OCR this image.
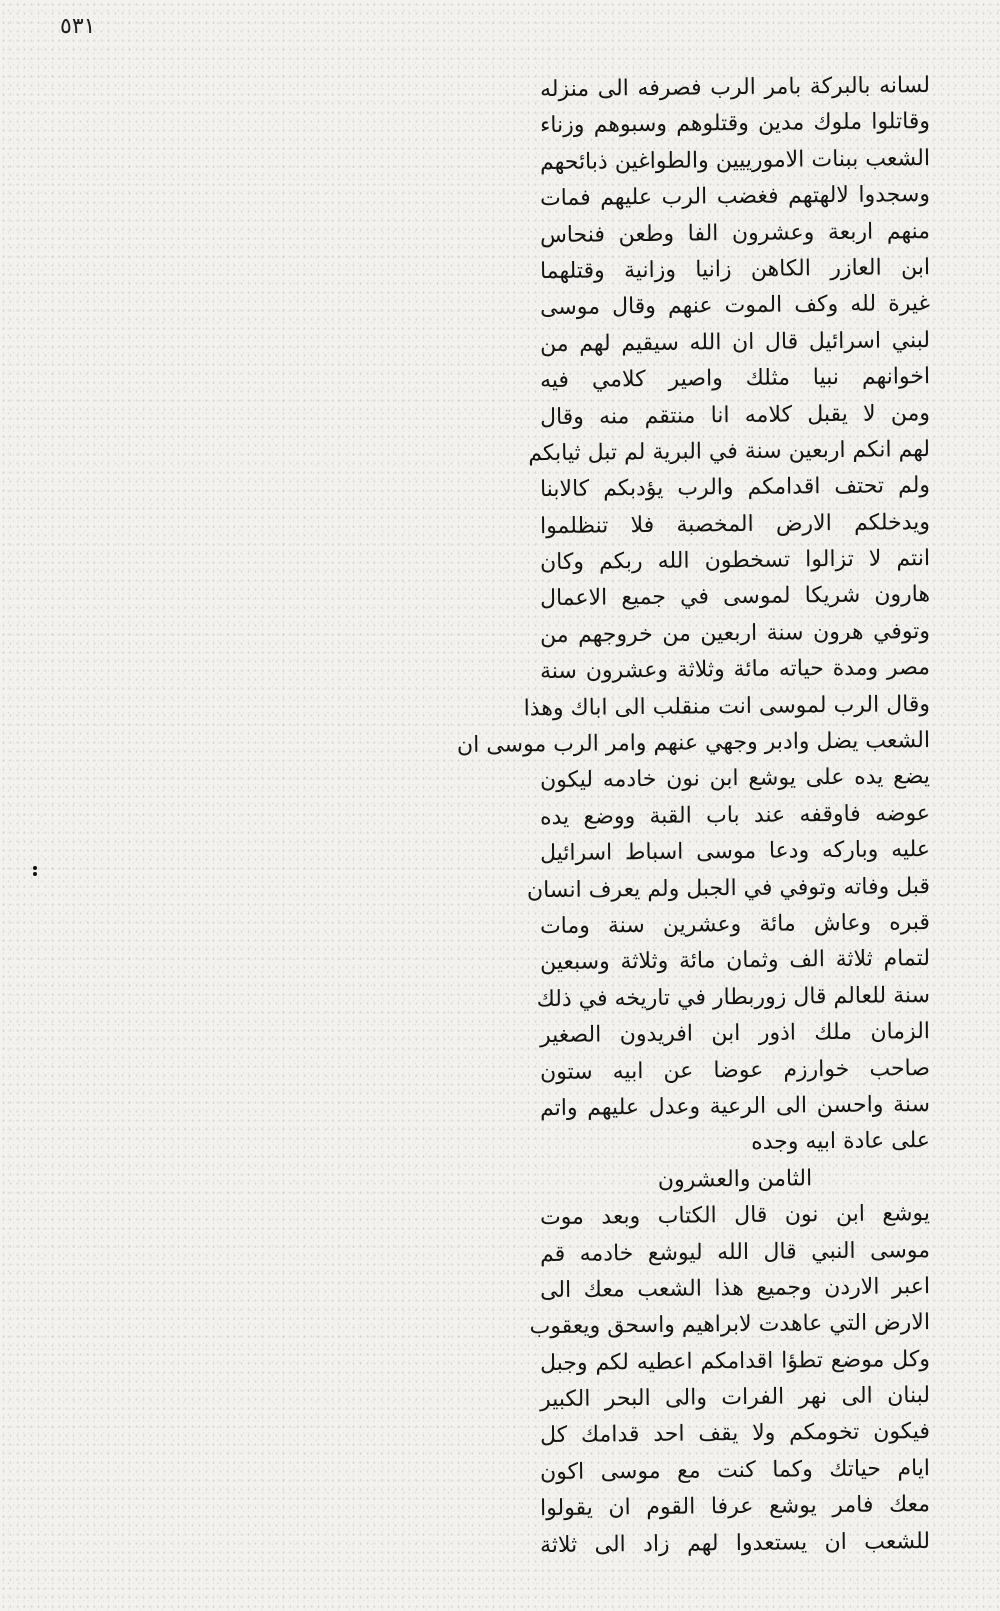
٥٣١
لسانه بالبركة بامر الرب فصرفه الى منزله
وقاتلوا ملوك مدين وقتلوهم وسبوهم وزناء
الشعب ببنات الامورييين والطواغين ذبائحهم
وسجدوا لالهتهم فغضب الرب عليهم فمات
منهم اربعة وعشرون الفا وطعن فنحاس
ابن العازر الكاهن زانيا وزانية وقتلهما
غيرة لله وكف الموت عنهم وقال موسى
لبني اسرائيل قال ان الله سيقيم لهم من
اخوانهم نبيا مثلك واصير كلامي فيه
ومن لا يقبل كلامه انا منتقم منه وقال
لهم انكم اربعين سنة في البرية لم تبل ثيابكم
ولم تحتف اقدامكم والرب يؤدبكم كالابنا
ويدخلكم الارض المخصبة فلا تنظلموا
انتم لا تزالوا تسخطون الله ربكم وكان
هارون شريكا لموسى في جميع الاعمال
وتوفي هرون سنة اربعين من خروجهم من
مصر ومدة حياته مائة وثلاثة وعشرون سنة
وقال الرب لموسى انت منقلب الى اباك وهذا
الشعب يضل وادبر وجهي عنهم وامر الرب موسى ان
يضع يده على يوشع ابن نون خادمه ليكون
عوضه فاوقفه عند باب القبة ووضع يده
عليه وباركه ودعا موسى اسباط اسرائيل
قبل وفاته وتوفي في الجبل ولم يعرف انسان
قبره وعاش مائة وعشرين سنة ومات
لتمام ثلاثة الف وثمان مائة وثلاثة وسبعين
سنة للعالم قال زوربطار في تاريخه في ذلك
الزمان ملك اذور ابن افريدون الصغير
صاحب خوارزم عوضا عن ابيه ستون
سنة واحسن الى الرعية وعدل عليهم واتم
على عادة ابيه وجده
الثامن والعشرون
يوشع ابن نون قال الكتاب وبعد موت
موسى النبي قال الله ليوشع خادمه قم
اعبر الاردن وجميع هذا الشعب معك الى
الارض التي عاهدت لابراهيم واسحق ويعقوب
وكل موضع تطؤا اقدامكم اعطيه لكم وجبل
لبنان الى نهر الفرات والى البحر الكبير
فيكون تخومكم ولا يقف احد قدامك كل
ايام حياتك وكما كنت مع موسى اكون
معك فامر يوشع عرفا القوم ان يقولوا
للشعب ان يستعدوا لهم زاد الى ثلاثة
